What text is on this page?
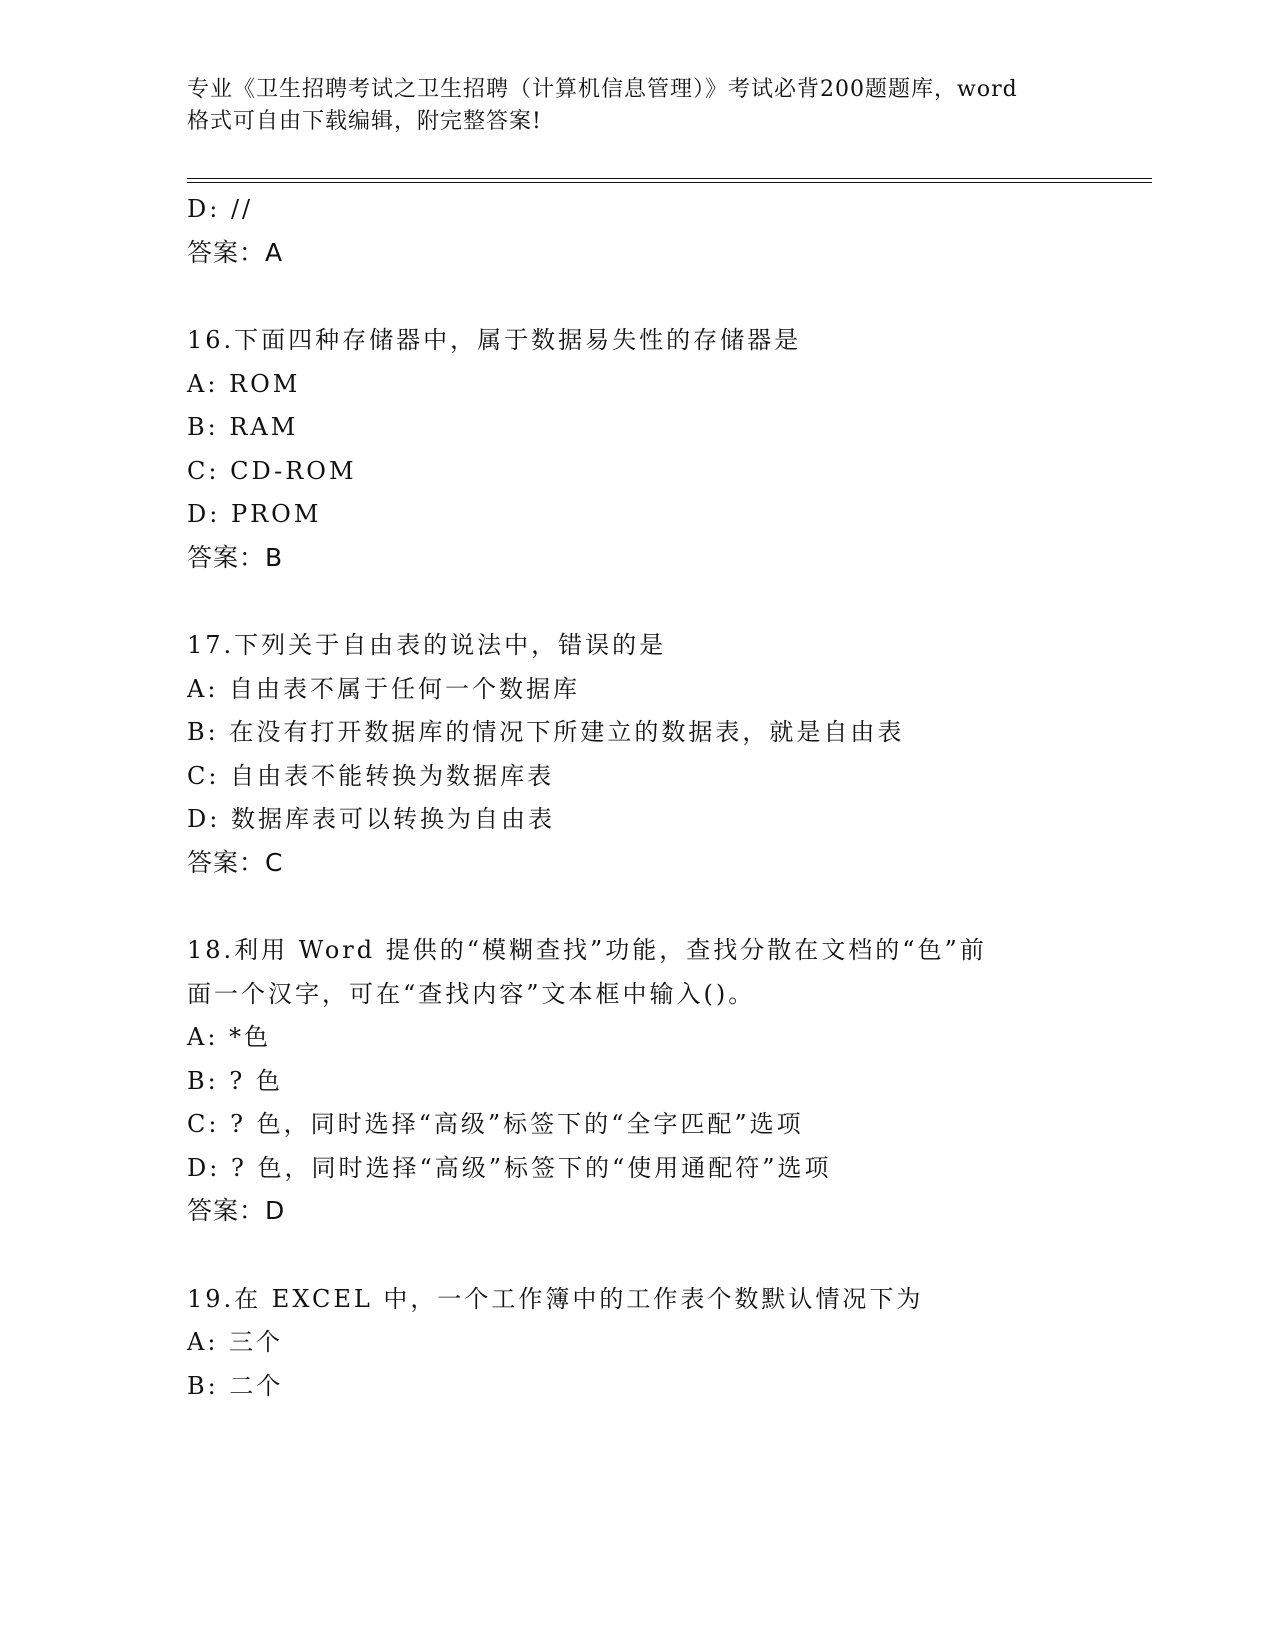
专业《卫生招聘考试之卫生招聘（计算机信息管理）》考试必背200题题库，word
格式可自由下载编辑，附完整答案!
D: //
答案：A
16.下面四种存储器中，属于数据易失性的存储器是
A: ROM
B: RAM
C: CD-ROM
D: PROM
答案：B
17.下列关于自由表的说法中，错误的是
A: 自由表不属于任何一个数据库
B: 在没有打开数据库的情况下所建立的数据表，就是自由表
C: 自由表不能转换为数据库表
D: 数据库表可以转换为自由表
答案：C
18.利用 Word 提供的“模糊查找”功能，查找分散在文档的“色”前
面一个汉字，可在“查找内容”文本框中输入()。
A: *色
B: ? 色
C: ? 色，同时选择“高级”标签下的“全字匹配”选项
D: ? 色，同时选择“高级”标签下的“使用通配符”选项
答案：D
19.在 EXCEL 中，一个工作簿中的工作表个数默认情况下为
A: 三个
B: 二个
